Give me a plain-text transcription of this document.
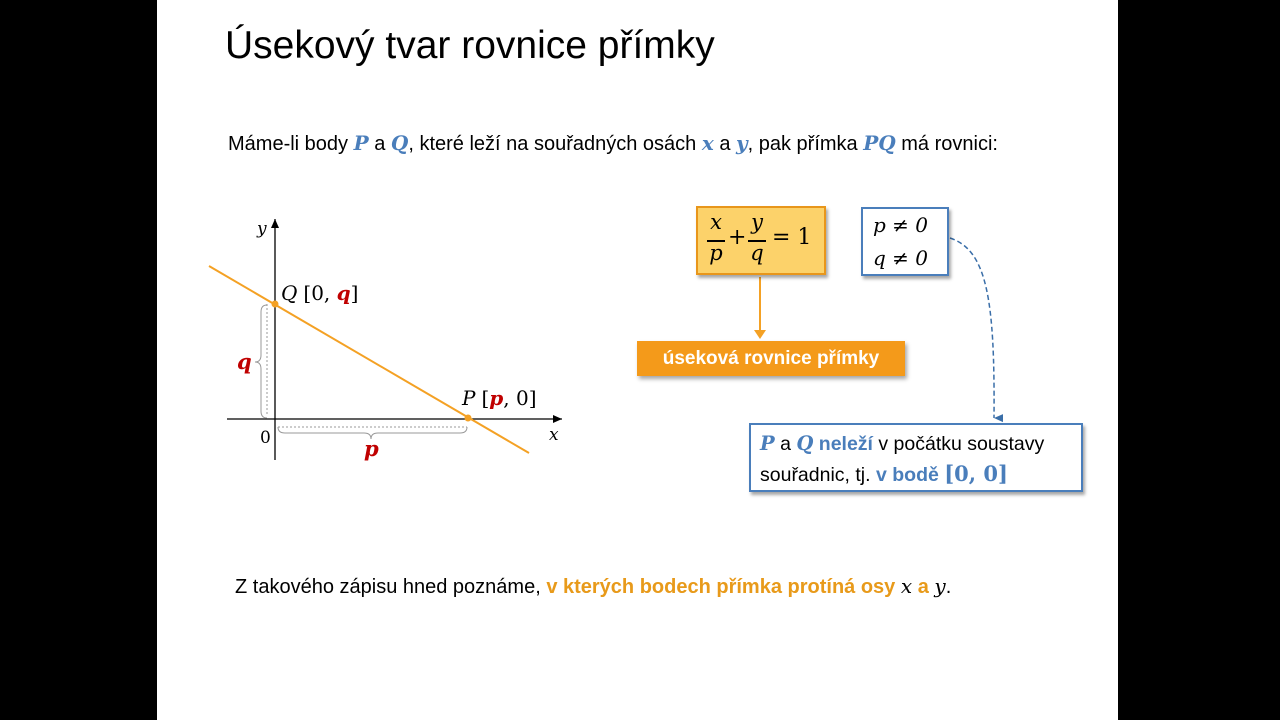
Úsekový tvar rovnice přímky
Máme-li body P a Q, které leží na souřadných osách x a y, pak přímka PQ má rovnici:
y
x
0
Q [0, q]
P [p, 0]
q
p
x
p
+
y
q
= 1	p ≠ 0
q ≠ 0
úseková rovnice přímky
P a Q neleží v počátku soustavy
souřadnic, tj. v bodě [0, 0]
Z takového zápisu hned poznáme, v kterých bodech přímka protíná osy x a y.
